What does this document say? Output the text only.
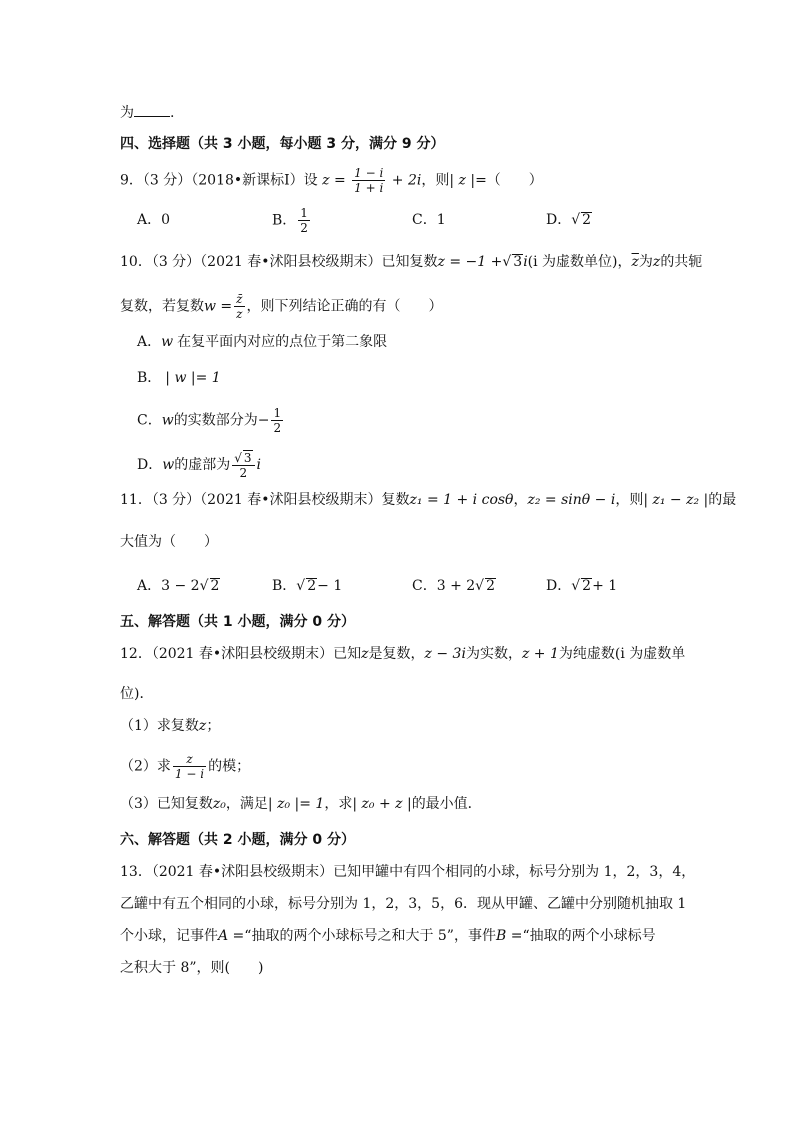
为	.
四、选择题（共 3 小题，每小题 3 分，满分 9 分）
9．（3 分）（2018•新课标Ⅰ）设 $z = \frac{1 - i}{1 + i} + 2i$，则| z |=（　　）
A．0	B． $\frac{1}{2}$	C．1	D．√ 2
10．（3 分）（2021 春•沭阳县校级期末）已知复数z = −1 +√ 3i(i 为虚数单位)，$\overline{z}$为z的共轭
复数，若复数$w = \frac{z̄}{z}$ ，则下列结论正确的有（　　）
A．w 在复平面内对应的点位于第二象限
B． | w |= 1
C．w的实数部分为− $\frac{1}{2}$
D．w的虚部为 $\frac{√ 3}{2}$ i
11．（3 分）（2021 春•沭阳县校级期末）复数z₁ = 1 + i cosθ，z₂ = sinθ − i，则| z₁ − z₂ |的最
大值为（　　）
A．3 − 2√ 2	B．√ 2− 1	C．3 + 2√ 2	D．√ 2+ 1
五、解答题（共 1 小题，满分 0 分）
12．（2021 春•沭阳县校级期末）已知z是复数，z − 3i为实数，z + 1为纯虚数(i 为虚数单
位)．
（1）求复数z；
（2）求 $\frac{z}{1 - i}$ 的模；
（3）已知复数z₀，满足| z₀ |= 1，求| z₀ + z |的最小值．
六、解答题（共 2 小题，满分 0 分）
13．（2021 春•沭阳县校级期末）已知甲罐中有四个相同的小球，标号分别为 1，2，3，4，
乙罐中有五个相同的小球，标号分别为 1，2，3，5，6．现从甲罐、乙罐中分别随机抽取 1
个小球，记事件A =“抽取的两个小球标号之和大于 5”，事件B =“抽取的两个小球标号
之积大于 8”，则(　　)
